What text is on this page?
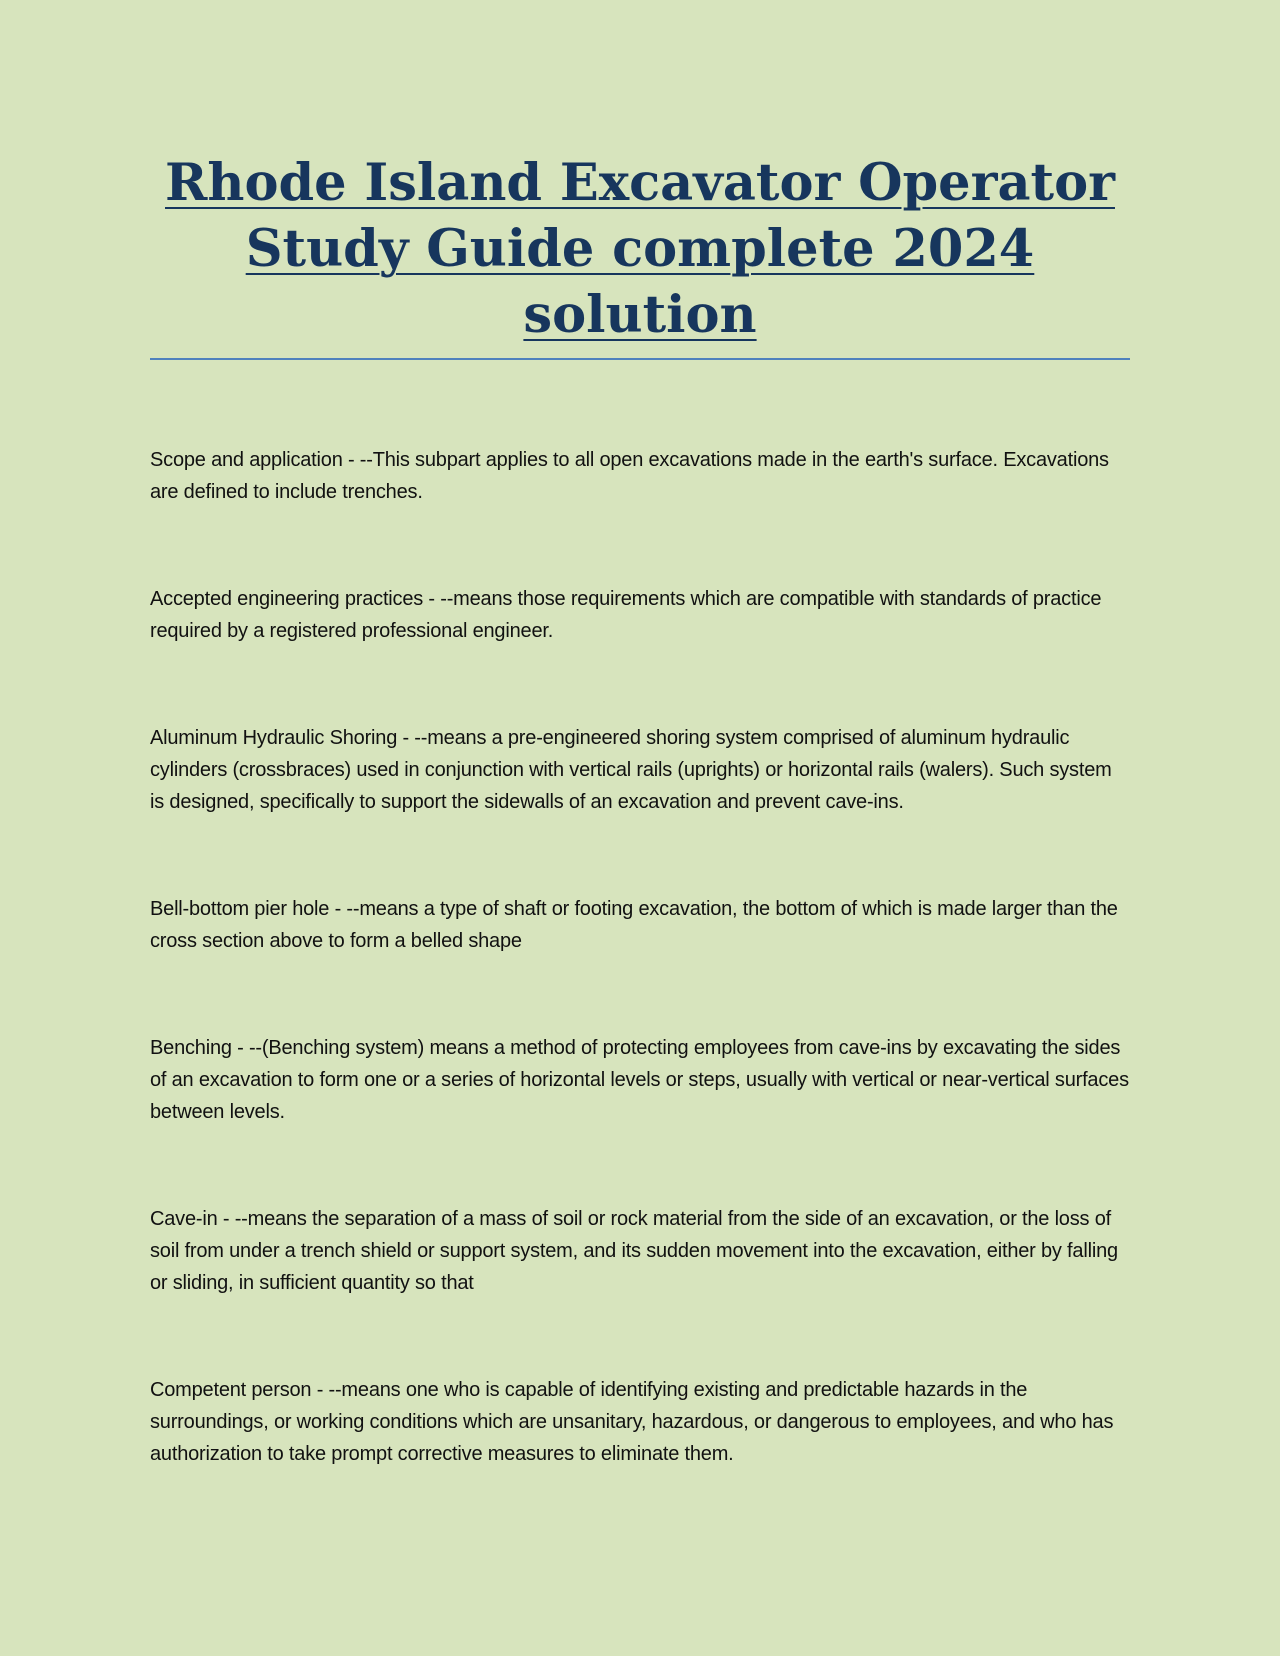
Rhode Island Excavator Operator Study Guide complete 2024 solution

Scope and application - --This subpart applies to all open excavations made in the earth's surface. Excavations are defined to include trenches.

Accepted engineering practices - --means those requirements which are compatible with standards of practice required by a registered professional engineer.

Aluminum Hydraulic Shoring - --means a pre-engineered shoring system comprised of aluminum hydraulic cylinders (crossbraces) used in conjunction with vertical rails (uprights) or horizontal rails (walers). Such system is designed, specifically to support the sidewalls of an excavation and prevent cave-ins.

Bell-bottom pier hole - --means a type of shaft or footing excavation, the bottom of which is made larger than the cross section above to form a belled shape

Benching - --(Benching system) means a method of protecting employees from cave-ins by excavating the sides of an excavation to form one or a series of horizontal levels or steps, usually with vertical or near-vertical surfaces between levels.

Cave-in - --means the separation of a mass of soil or rock material from the side of an excavation, or the loss of soil from under a trench shield or support system, and its sudden movement into the excavation, either by falling or sliding, in sufficient quantity so that

Competent person - --means one who is capable of identifying existing and predictable hazards in the surroundings, or working conditions which are unsanitary, hazardous, or dangerous to employees, and who has authorization to take prompt corrective measures to eliminate them.
